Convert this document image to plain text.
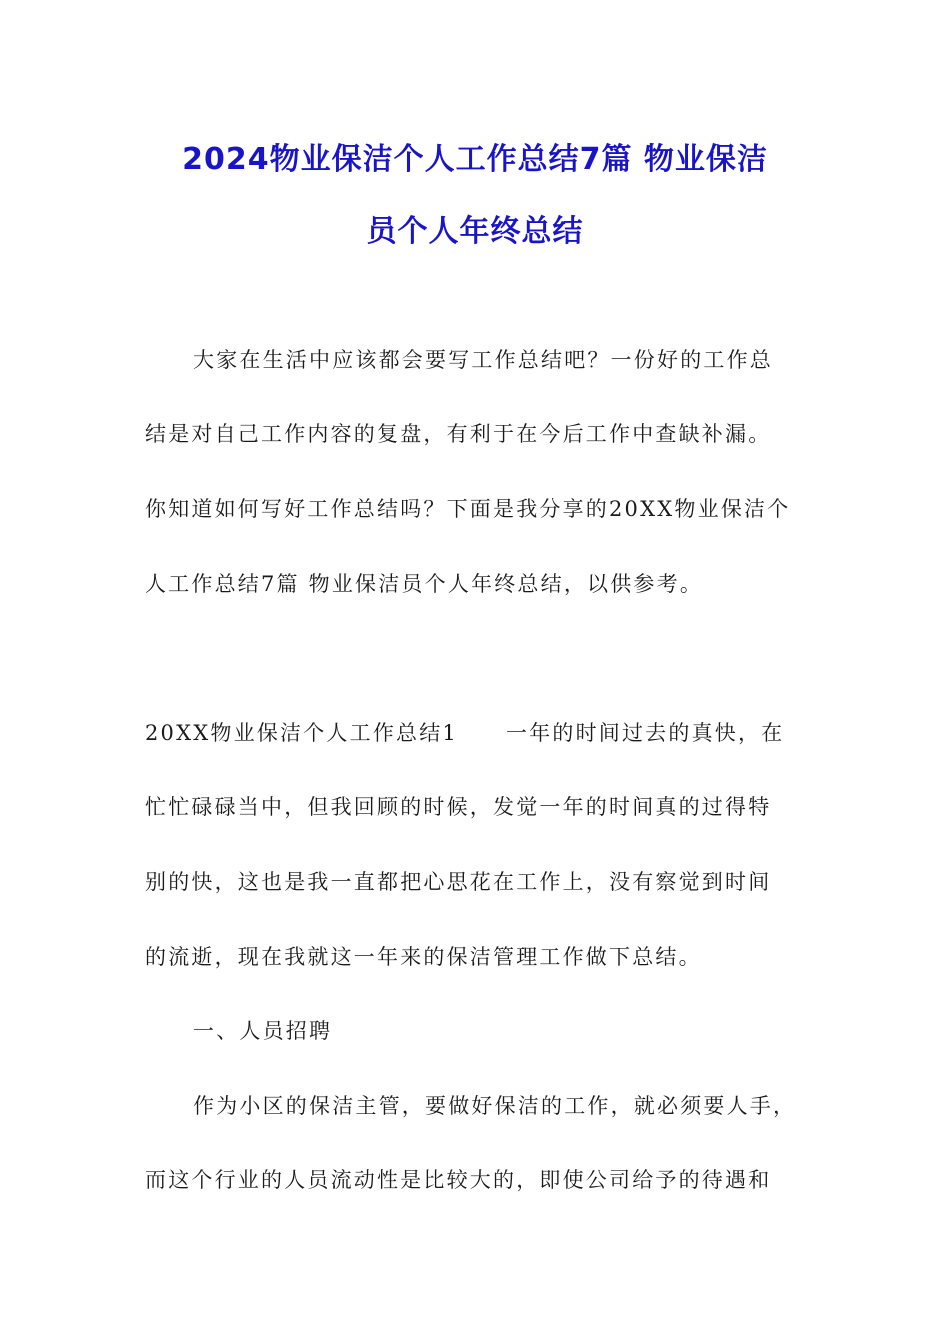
2024物业保洁个人工作总结7篇 物业保洁
员个人年终总结
大家在生活中应该都会要写工作总结吧？一份好的工作总
结是对自己工作内容的复盘，有利于在今后工作中查缺补漏。
你知道如何写好工作总结吗？下面是我分享的20XX物业保洁个
人工作总结7篇 物业保洁员个人年终总结，以供参考。
20XX物业保洁个人工作总结1 一年的时间过去的真快，在
忙忙碌碌当中，但我回顾的时候，发觉一年的时间真的过得特
别的快，这也是我一直都把心思花在工作上，没有察觉到时间
的流逝，现在我就这一年来的保洁管理工作做下总结。
一、人员招聘
作为小区的保洁主管，要做好保洁的工作，就必须要人手，
而这个行业的人员流动性是比较大的，即使公司给予的待遇和
